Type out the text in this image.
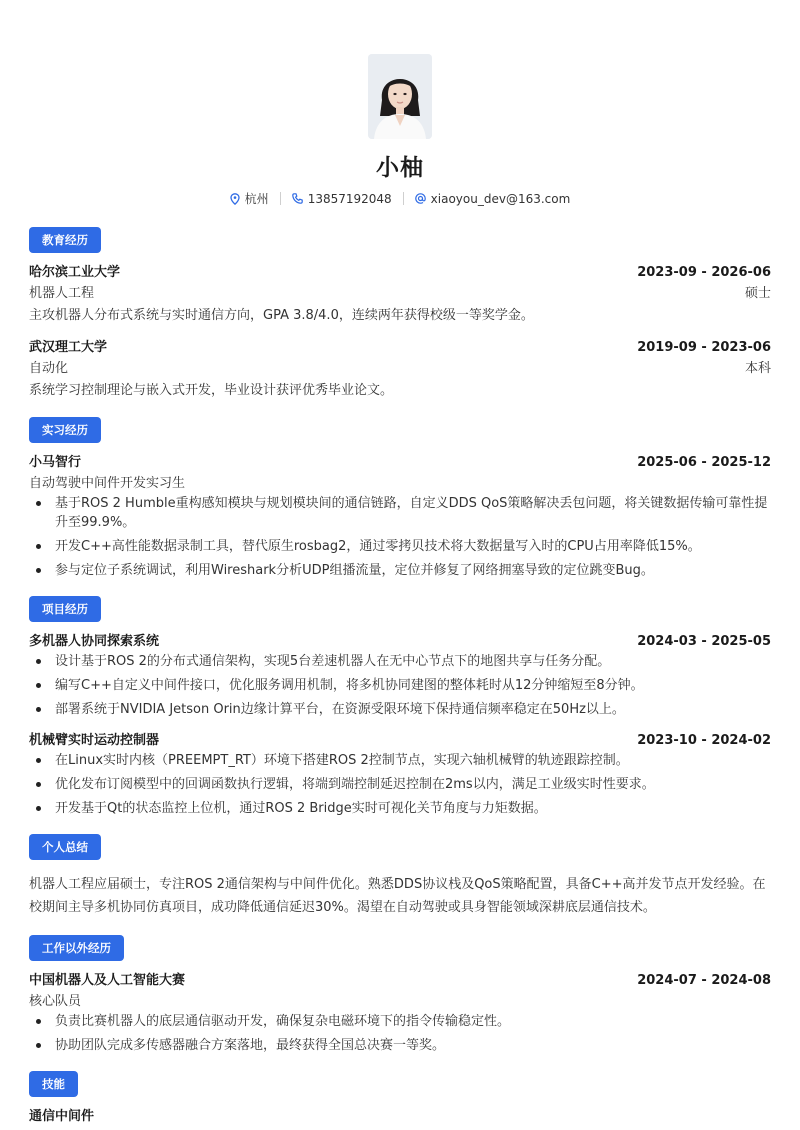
小柚
杭州	13857192048	xiaoyou_dev@163.com
教育经历
哈尔滨工业大学	2023-09 - 2026-06
机器人工程	硕士
主攻机器人分布式系统与实时通信方向，GPA 3.8/4.0，连续两年获得校级一等奖学金。
武汉理工大学	2019-09 - 2023-06
自动化	本科
系统学习控制理论与嵌入式开发，毕业设计获评优秀毕业论文。
实习经历
小马智行	2025-06 - 2025-12
自动驾驶中间件开发实习生
基于ROS 2 Humble重构感知模块与规划模块间的通信链路，自定义DDS QoS策略解决丢包问题，将关键数据传输可靠性提升至99.9%。
开发C++高性能数据录制工具，替代原生rosbag2，通过零拷贝技术将大数据量写入时的CPU占用率降低15%。
参与定位子系统调试，利用Wireshark分析UDP组播流量，定位并修复了网络拥塞导致的定位跳变Bug。
项目经历
多机器人协同探索系统	2024-03 - 2025-05
设计基于ROS 2的分布式通信架构，实现5台差速机器人在无中心节点下的地图共享与任务分配。
编写C++自定义中间件接口，优化服务调用机制，将多机协同建图的整体耗时从12分钟缩短至8分钟。
部署系统于NVIDIA Jetson Orin边缘计算平台，在资源受限环境下保持通信频率稳定在50Hz以上。
机械臂实时运动控制器	2023-10 - 2024-02
在Linux实时内核（PREEMPT_RT）环境下搭建ROS 2控制节点，实现六轴机械臂的轨迹跟踪控制。
优化发布订阅模型中的回调函数执行逻辑，将端到端控制延迟控制在2ms以内，满足工业级实时性要求。
开发基于Qt的状态监控上位机，通过ROS 2 Bridge实时可视化关节角度与力矩数据。
个人总结
机器人工程应届硕士，专注ROS 2通信架构与中间件优化。熟悉DDS协议栈及QoS策略配置，具备C++高并发节点开发经验。在校期间主导多机协同仿真项目，成功降低通信延迟30%。渴望在自动驾驶或具身智能领域深耕底层通信技术。
工作以外经历
中国机器人及人工智能大赛	2024-07 - 2024-08
核心队员
负责比赛机器人的底层通信驱动开发，确保复杂电磁环境下的指令传输稳定性。
协助团队完成多传感器融合方案落地，最终获得全国总决赛一等奖。
技能
通信中间件
